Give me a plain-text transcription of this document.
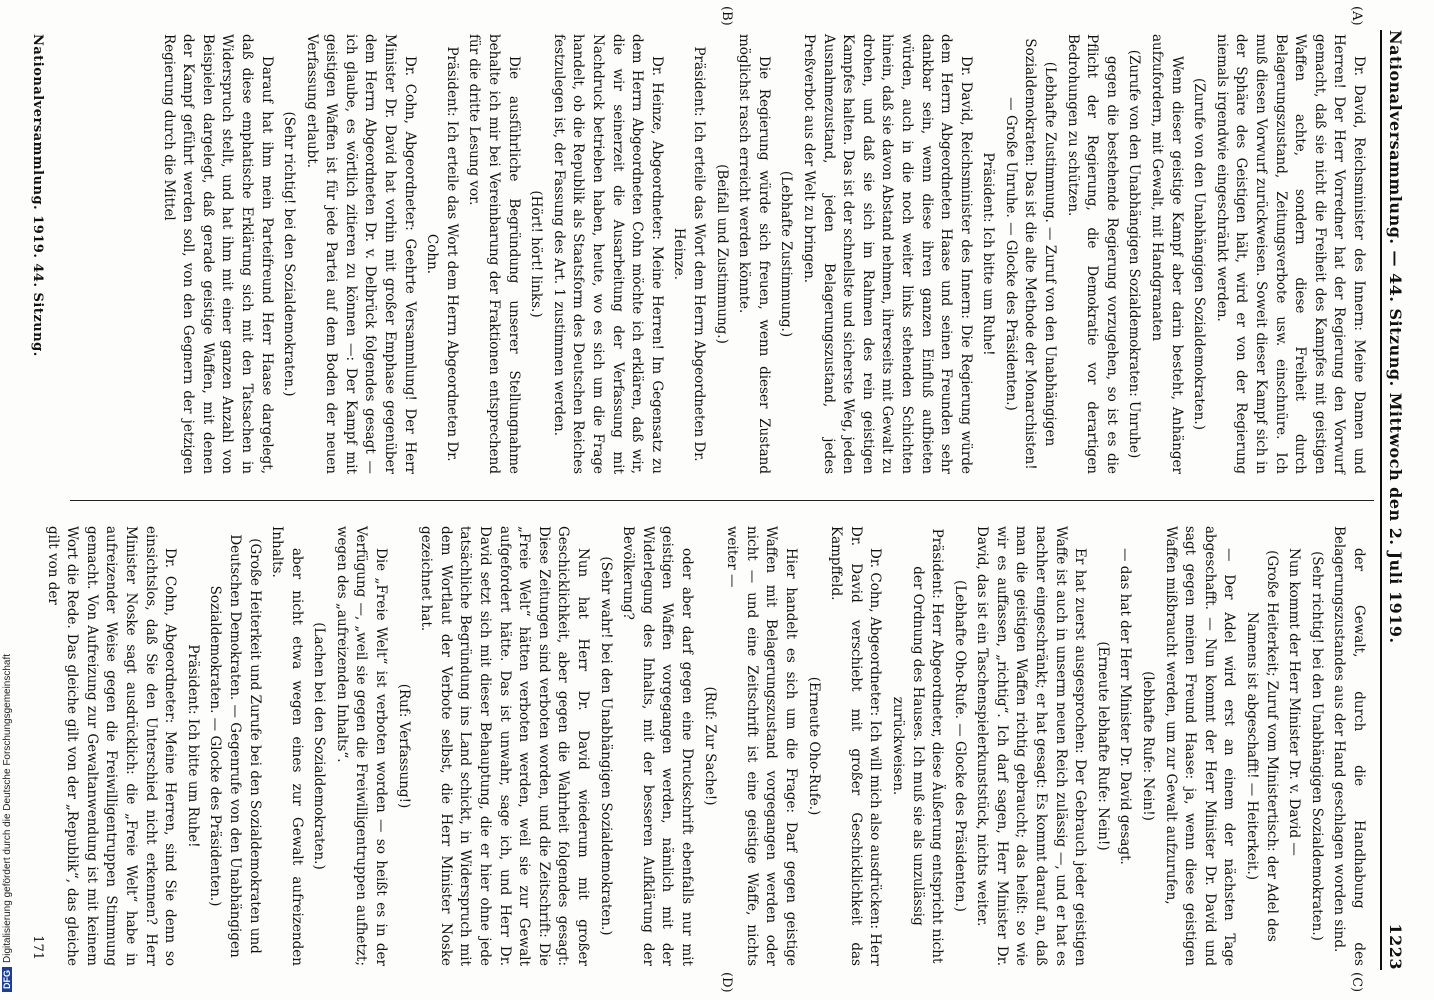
Nationalversammlung. — 44. Sitzung. Mittwoch den 2. Juli 1919.
1223
(A)
(B)
(C)
(D)

Dr. David, Reichsminister des Innern: Meine Damen und Herren! Der Herr Vorredner hat der Regierung den Vorwurf gemacht, daß sie nicht die Freiheit des Kampfes mit geistigen Waffen achte, sondern diese Freiheit durch Belagerungszustand, Zeitungsverbote usw. einschnüre. Ich muß diesen Vorwurf zurückweisen. Soweit dieser Kampf sich in der Sphäre des Geistigen hält, wird er von der Regierung niemals irgendwie eingeschränkt werden.

(Zurufe von den Unabhängigen Sozialdemokraten.)

Wenn dieser geistige Kampf aber darin besteht, Anhänger aufzufordern, mit Gewalt, mit Handgranaten

(Zurufe von den Unabhängigen Sozialdemokraten: Unruhe)

gegen die bestehende Regierung vorzugehen, so ist es die Pflicht der Regierung, die Demokratie vor derartigen Bedrohungen zu schützen.

(Lebhafte Zustimmung. — Zuruf von den Unabhängigen Sozialdemokraten: Das ist die alte Methode der Monarchisten! — Große Unruhe. — Glocke des Präsidenten.)

Präsident: Ich bitte um Ruhe!

Dr. David, Reichsminister des Innern: Die Regierung würde dem Herrn Abgeordneten Haase und seinen Freunden sehr dankbar sein, wenn diese ihren ganzen Einfluß aufbieten würden, auch in die noch weiter links stehenden Schichten hinein, daß sie davon Abstand nehmen, ihrerseits mit Gewalt zu drohen, und daß sie sich im Rahmen des rein geistigen Kampfes halten. Das ist der schnellste und sicherste Weg, jeden Ausnahmezustand, jeden Belagerungszustand, jedes Preßverbot aus der Welt zu bringen.

(Lebhafte Zustimmung.)

Die Regierung würde sich freuen, wenn dieser Zustand möglichst rasch erreicht werden könnte.

(Beifall und Zustimmung.)

Präsident: Ich erteile das Wort dem Herrn Abgeordneten Dr. Heinze.

Dr. Heinze, Abgeordneter: Meine Herren! Im Gegensatz zu dem Herrn Abgeordneten Cohn möchte ich erklären, daß wir, die wir seinerzeit die Ausarbeitung der Verfassung mit Nachdruck betrieben haben, heute, wo es sich um die Frage handelt, ob die Republik als Staatsform des Deutschen Reiches festzulegen ist, der Fassung des Art. 1 zustimmen werden.

(Hört! hört! links.)

Die ausführliche Begründung unserer Stellungnahme behalte ich mir bei Vereinbarung der Fraktionen entsprechend für die dritte Lesung vor.

Präsident: Ich erteile das Wort dem Herrn Abgeordneten Dr. Cohn.

Dr. Cohn, Abgeordneter: Geehrte Versammlung! Der Herr Minister Dr. David hat vorhin mit großer Emphase gegenüber dem Herrn Abgeordneten Dr. v. Delbrück folgendes gesagt — ich glaube, es wörtlich zitieren zu können —: Der Kampf mit geistigen Waffen ist für jede Partei auf dem Boden der neuen Verfassung erlaubt.

(Sehr richtig! bei den Sozialdemokraten.)

Darauf hat ihm mein Parteifreund Herr Haase dargelegt, daß diese emphatische Erklärung sich mit den Tatsachen in Widerspruch stellt, und hat ihm mit einer ganzen Anzahl von Beispielen dargelegt, daß gerade geistige Waffen, mit denen der Kampf geführt werden soll, von den Gegnern der jetzigen Regierung durch die Mittel

der Gewalt, durch die Handhabung des Belagerungszustandes aus der Hand geschlagen worden sind.

(Sehr richtig! bei den Unabhängigen Sozialdemokraten.)

Nun kommt der Herr Minister Dr. v. David —

(Große Heiterkeit; Zuruf vom Ministertisch: der Adel des Namens ist abgeschafft! — Heiterkeit.)

— Der Adel wird erst an einem der nächsten Tage abgeschafft. — Nun kommt der Herr Minister Dr. David und sagt gegen meinen Freund Haase: ja, wenn diese geistigen Waffen mißbraucht werden, um zur Gewalt aufzurufen,

(lebhafte Rufe: Nein!)

— das hat der Herr Minister Dr. David gesagt.

(Erneute lebhafte Rufe: Nein!)

Er hat zuerst ausgesprochen: Der Gebrauch jeder geistigen Waffe ist auch in unserm neuen Reich zulässig —, und er hat es nachher eingeschränkt; er hat gesagt: Es kommt darauf an, daß man die geistigen Waffen richtig gebraucht; das heißt: so wie wir es auffassen, „richtig“. Ich darf sagen, Herr Minister Dr. David, das ist ein Taschenspielerkunststück, nichts weiter.

(Lebhafte Oho-Rufe. — Glocke des Präsidenten.)

Präsident: Herr Abgeordneter, diese Äußerung entspricht nicht der Ordnung des Hauses. Ich muß sie als unzulässig zurückweisen.

Dr. Cohn, Abgeordneter: Ich will mich also ausdrücken: Herr Dr. David verschiebt mit großer Geschicklichkeit das Kampffeld.

(Erneute Oho-Rufe.)

Hier handelt es sich um die Frage: Darf gegen geistige Waffen mit Belagerungszustand vorgegangen werden oder nicht — und eine Zeitschrift ist eine geistige Waffe, nichts weiter —

(Ruf: Zur Sache!)

oder aber darf gegen eine Druckschrift ebenfalls nur mit geistigen Waffen vorgegangen werden, nämlich mit der Widerlegung des Inhalts, mit der besseren Aufklärung der Bevölkerung?

(Sehr wahr! bei den Unabhängigen Sozialdemokraten.)

Nun hat Herr Dr. David wiederum mit großer Geschicklichkeit, aber gegen die Wahrheit folgendes gesagt: Diese Zeitungen sind verboten worden, und die Zeitschrift: Die „Freie Welt“ hätten verboten werden, weil sie zur Gewalt aufgefordert hätte. Das ist unwahr, sage ich, und Herr Dr. David setzt sich mit dieser Behauptung, die er hier ohne jede tatsächliche Begründung ins Land schickt, in Widerspruch mit dem Wortlaut der Verbote selbst, die Herr Minister Noske gezeichnet hat.

(Ruf: Verfassung!)

Die „Freie Welt“ ist verboten worden — so heißt es in der Verfügung —, „weil sie gegen die Freiwilligentruppen aufhetzt; wegen des „aufreizenden Inhalts“.

(Lachen bei den Sozialdemokraten.)

aber nicht etwa wegen eines zur Gewalt aufreizenden Inhalts.

(Große Heiterkeit und Zurufe bei den Sozialdemokraten und Deutschen Demokraten. — Gegenrufe von den Unabhängigen Sozialdemokraten. — Glocke des Präsidenten.)

Präsident: Ich bitte um Ruhe!

Dr. Cohn, Abgeordneter: Meine Herren, sind Sie denn so einsichtslos, daß Sie den Unterschied nicht erkennen? Herr Minister Noske sagt ausdrücklich: die „Freie Welt“ habe in aufreizender Weise gegen die Freiwilligentruppen Stimmung gemacht. Von Aufreizung zur Gewaltanwendung ist mit keinem Wort die Rede. Das gleiche gilt von der „Republik“, das gleiche gilt von der

Nationalversammlung. 1919. 44. Sitzung.
171
DFGDigitalisierung gefördert durch die Deutsche Forschungsgemeinschaft
